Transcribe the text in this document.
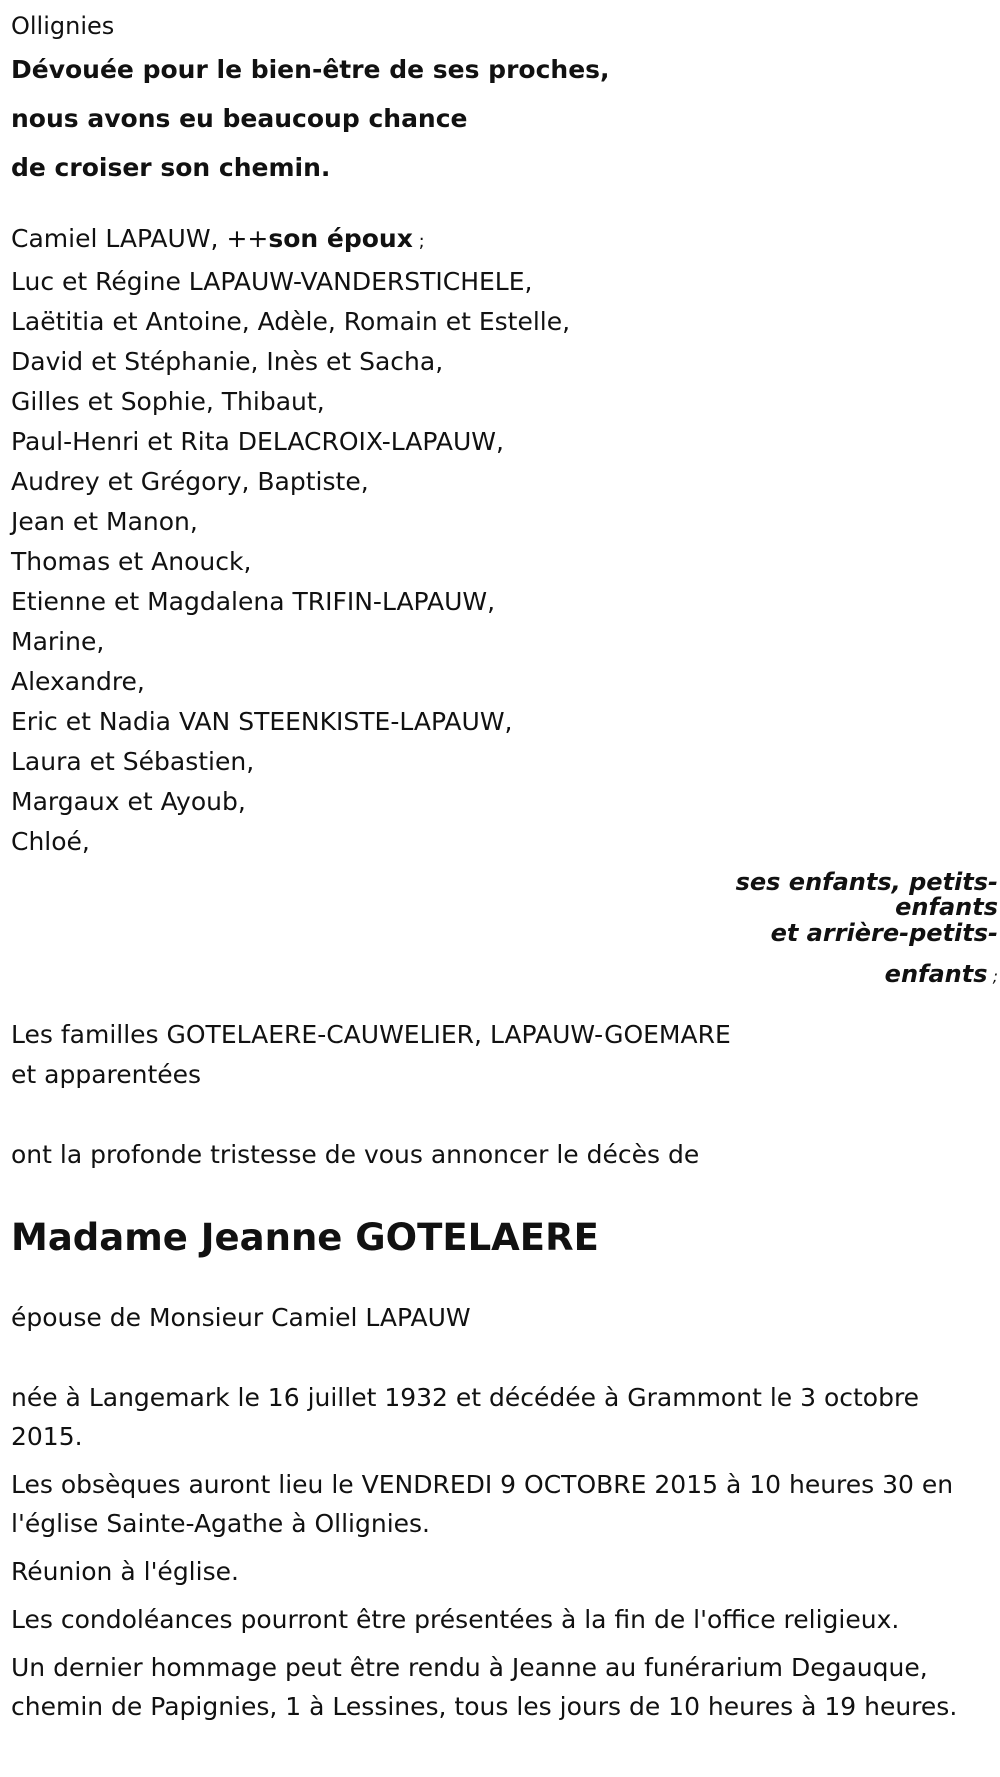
Ollignies

Dévouée pour le bien-être de ses proches,

nous avons eu beaucoup chance

de croiser son chemin.

Camiel LAPAUW, ++son époux ;

Luc et Régine LAPAUW-VANDERSTICHELE,

Laëtitia et Antoine, Adèle, Romain et Estelle,

David et Stéphanie, Inès et Sacha,

Gilles et Sophie, Thibaut,

Paul-Henri et Rita DELACROIX-LAPAUW,

Audrey et Grégory, Baptiste,

Jean et Manon,

Thomas et Anouck,

Etienne et Magdalena TRIFIN-LAPAUW,

Marine,

Alexandre,

Eric et Nadia VAN STEENKISTE-LAPAUW,

Laura et Sébastien,

Margaux et Ayoub,

Chloé,

ses enfants, petits-
enfants
et arrière-petits-
enfants ;

Les familles GOTELAERE-CAUWELIER, LAPAUW-GOEMARE

et apparentées

ont la profonde tristesse de vous annoncer le décès de

Madame Jeanne GOTELAERE

épouse de Monsieur Camiel LAPAUW

née à Langemark le 16 juillet 1932 et décédée à Grammont le 3 octobre 2015.

Les obsèques auront lieu le VENDREDI 9 OCTOBRE 2015 à 10 heures 30 en l'église Sainte-Agathe à Ollignies.

Réunion à l'église.

Les condoléances pourront être présentées à la fin de l'office religieux.

Un dernier hommage peut être rendu à Jeanne au funérarium Degauque, chemin de Papignies, 1 à Lessines, tous les jours de 10 heures à 19 heures.
